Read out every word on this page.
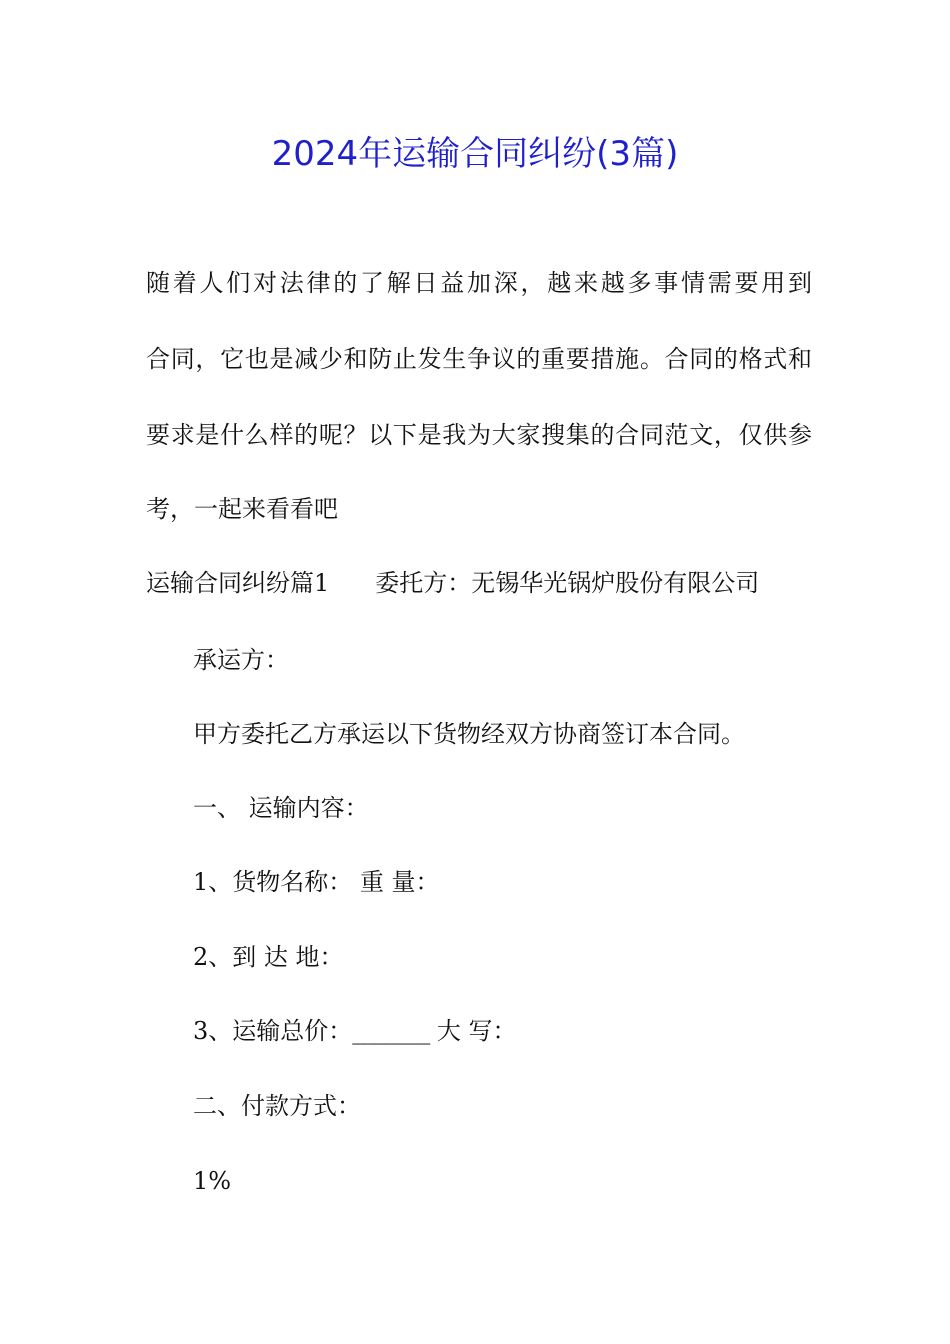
2024年运输合同纠纷(3篇)
随着人们对法律的了解日益加深，越来越多事情需要用到
合同，它也是减少和防止发生争议的重要措施。合同的格式和
要求是什么样的呢？以下是我为大家搜集的合同范文，仅供参
考，一起来看看吧
运输合同纠纷篇1 委托方：无锡华光锅炉股份有限公司
承运方：
甲方委托乙方承运以下货物经双方协商签订本合同。
一、 运输内容：
1、货物名称： 重 量：
2、到 达 地：
3、运输总价：_______ 大 写：
二、付款方式：
1%
